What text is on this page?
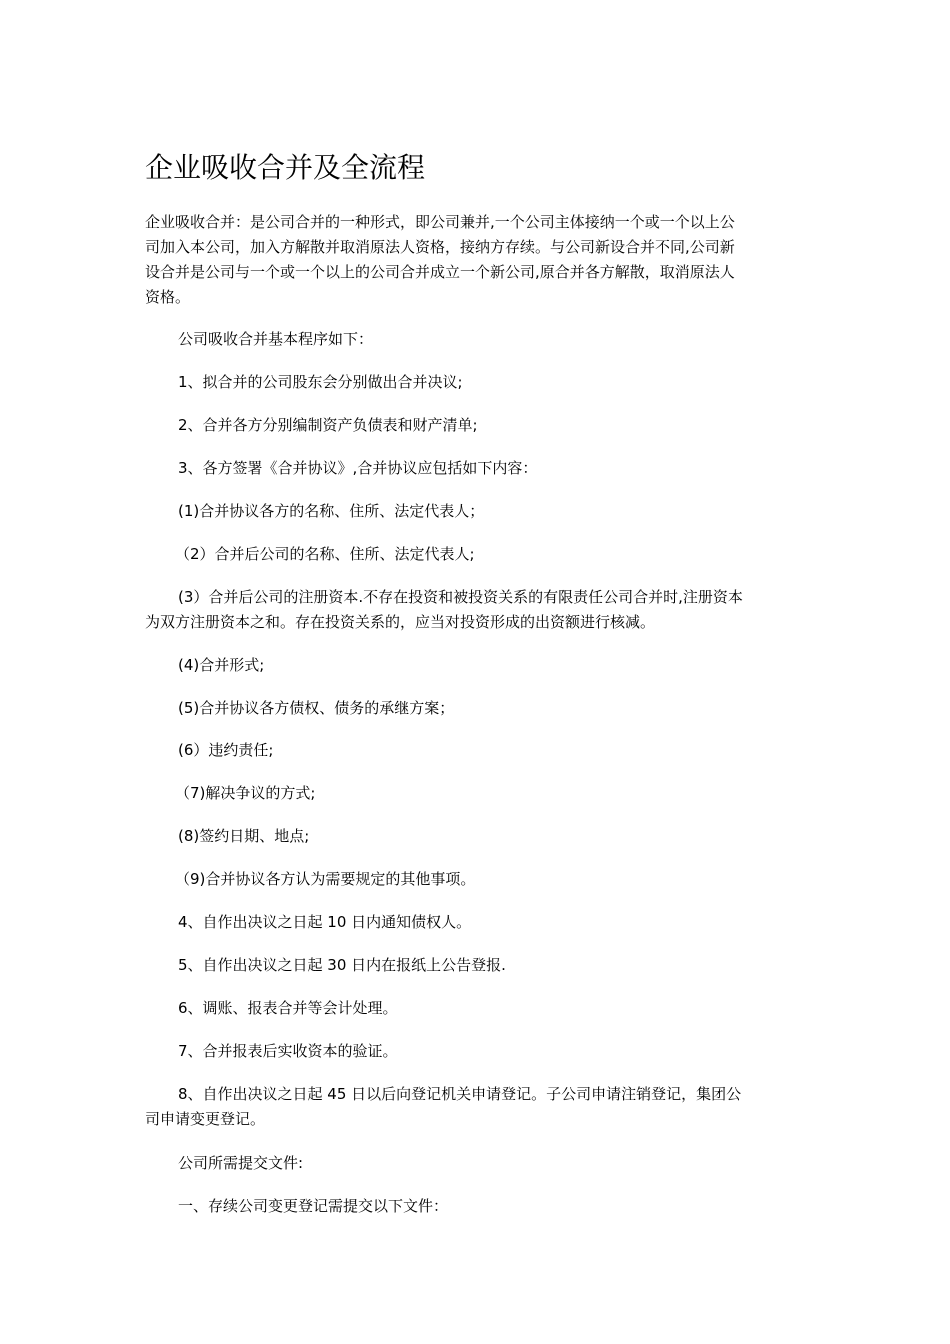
企业吸收合并及全流程
企业吸收合并：是公司合并的一种形式，即公司兼并,一个公司主体接纳一个或一个以上公
司加入本公司，加入方解散并取消原法人资格，接纳方存续。与公司新设合并不同,公司新
设合并是公司与一个或一个以上的公司合并成立一个新公司,原合并各方解散，取消原法人
资格。
公司吸收合并基本程序如下：
1、拟合并的公司股东会分别做出合并决议;
2、合并各方分别编制资产负债表和财产清单;
3、各方签署《合并协议》,合并协议应包括如下内容：
(1)合并协议各方的名称、住所、法定代表人；
（2）合并后公司的名称、住所、法定代表人;
(3）合并后公司的注册资本.不存在投资和被投资关系的有限责任公司合并时,注册资本
为双方注册资本之和。存在投资关系的，应当对投资形成的出资额进行核减。
(4)合并形式;
(5)合并协议各方债权、债务的承继方案；
(6）违约责任;
（7)解决争议的方式;
(8)签约日期、地点;
（9)合并协议各方认为需要规定的其他事项。
4、自作出决议之日起 10 日内通知债权人。
5、自作出决议之日起 30 日内在报纸上公告登报.
6、调账、报表合并等会计处理。
7、合并报表后实收资本的验证。
8、自作出决议之日起 45 日以后向登记机关申请登记。子公司申请注销登记，集团公
司申请变更登记。
公司所需提交文件:
一、存续公司变更登记需提交以下文件：
